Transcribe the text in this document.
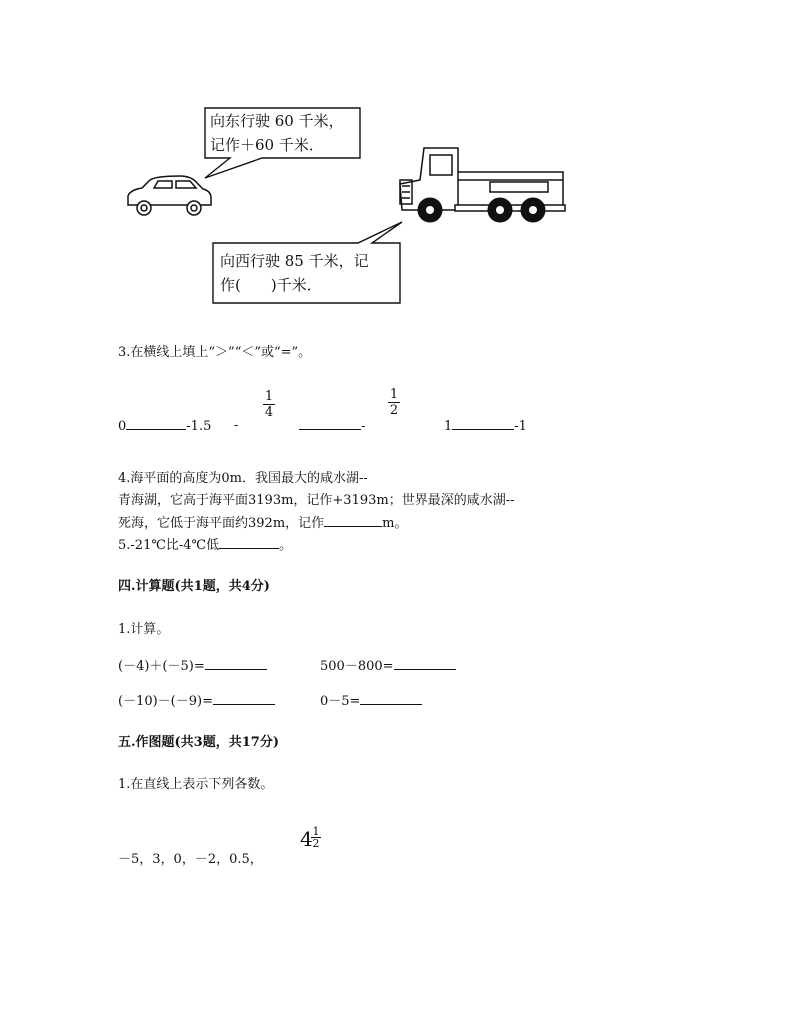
向东行驶 60 千米，
记作＋60 千米．
向西行驶 85 千米，记
作(　　)千米．
3.在横线上填上“＞”“＜”或“=”。
0	-1.5 -
1
4
-
1
2
1	-1
4.海平面的高度为0m．我国最大的咸水湖--
青海湖，它高于海平面3193m，记作+3193m；世界最深的咸水湖--
死海，它低于海平面约392m，记作	m。
5.-21℃比-4℃低	。
四.计算题(共1题，共4分)
1.计算。
(－4)＋(－5)=	500－800=
(－10)－(－9)=	0－5=
五.作图题(共3题，共17分)
1.在直线上表示下列各数。
－5，3，0，－2，0.5，
4 1
2
